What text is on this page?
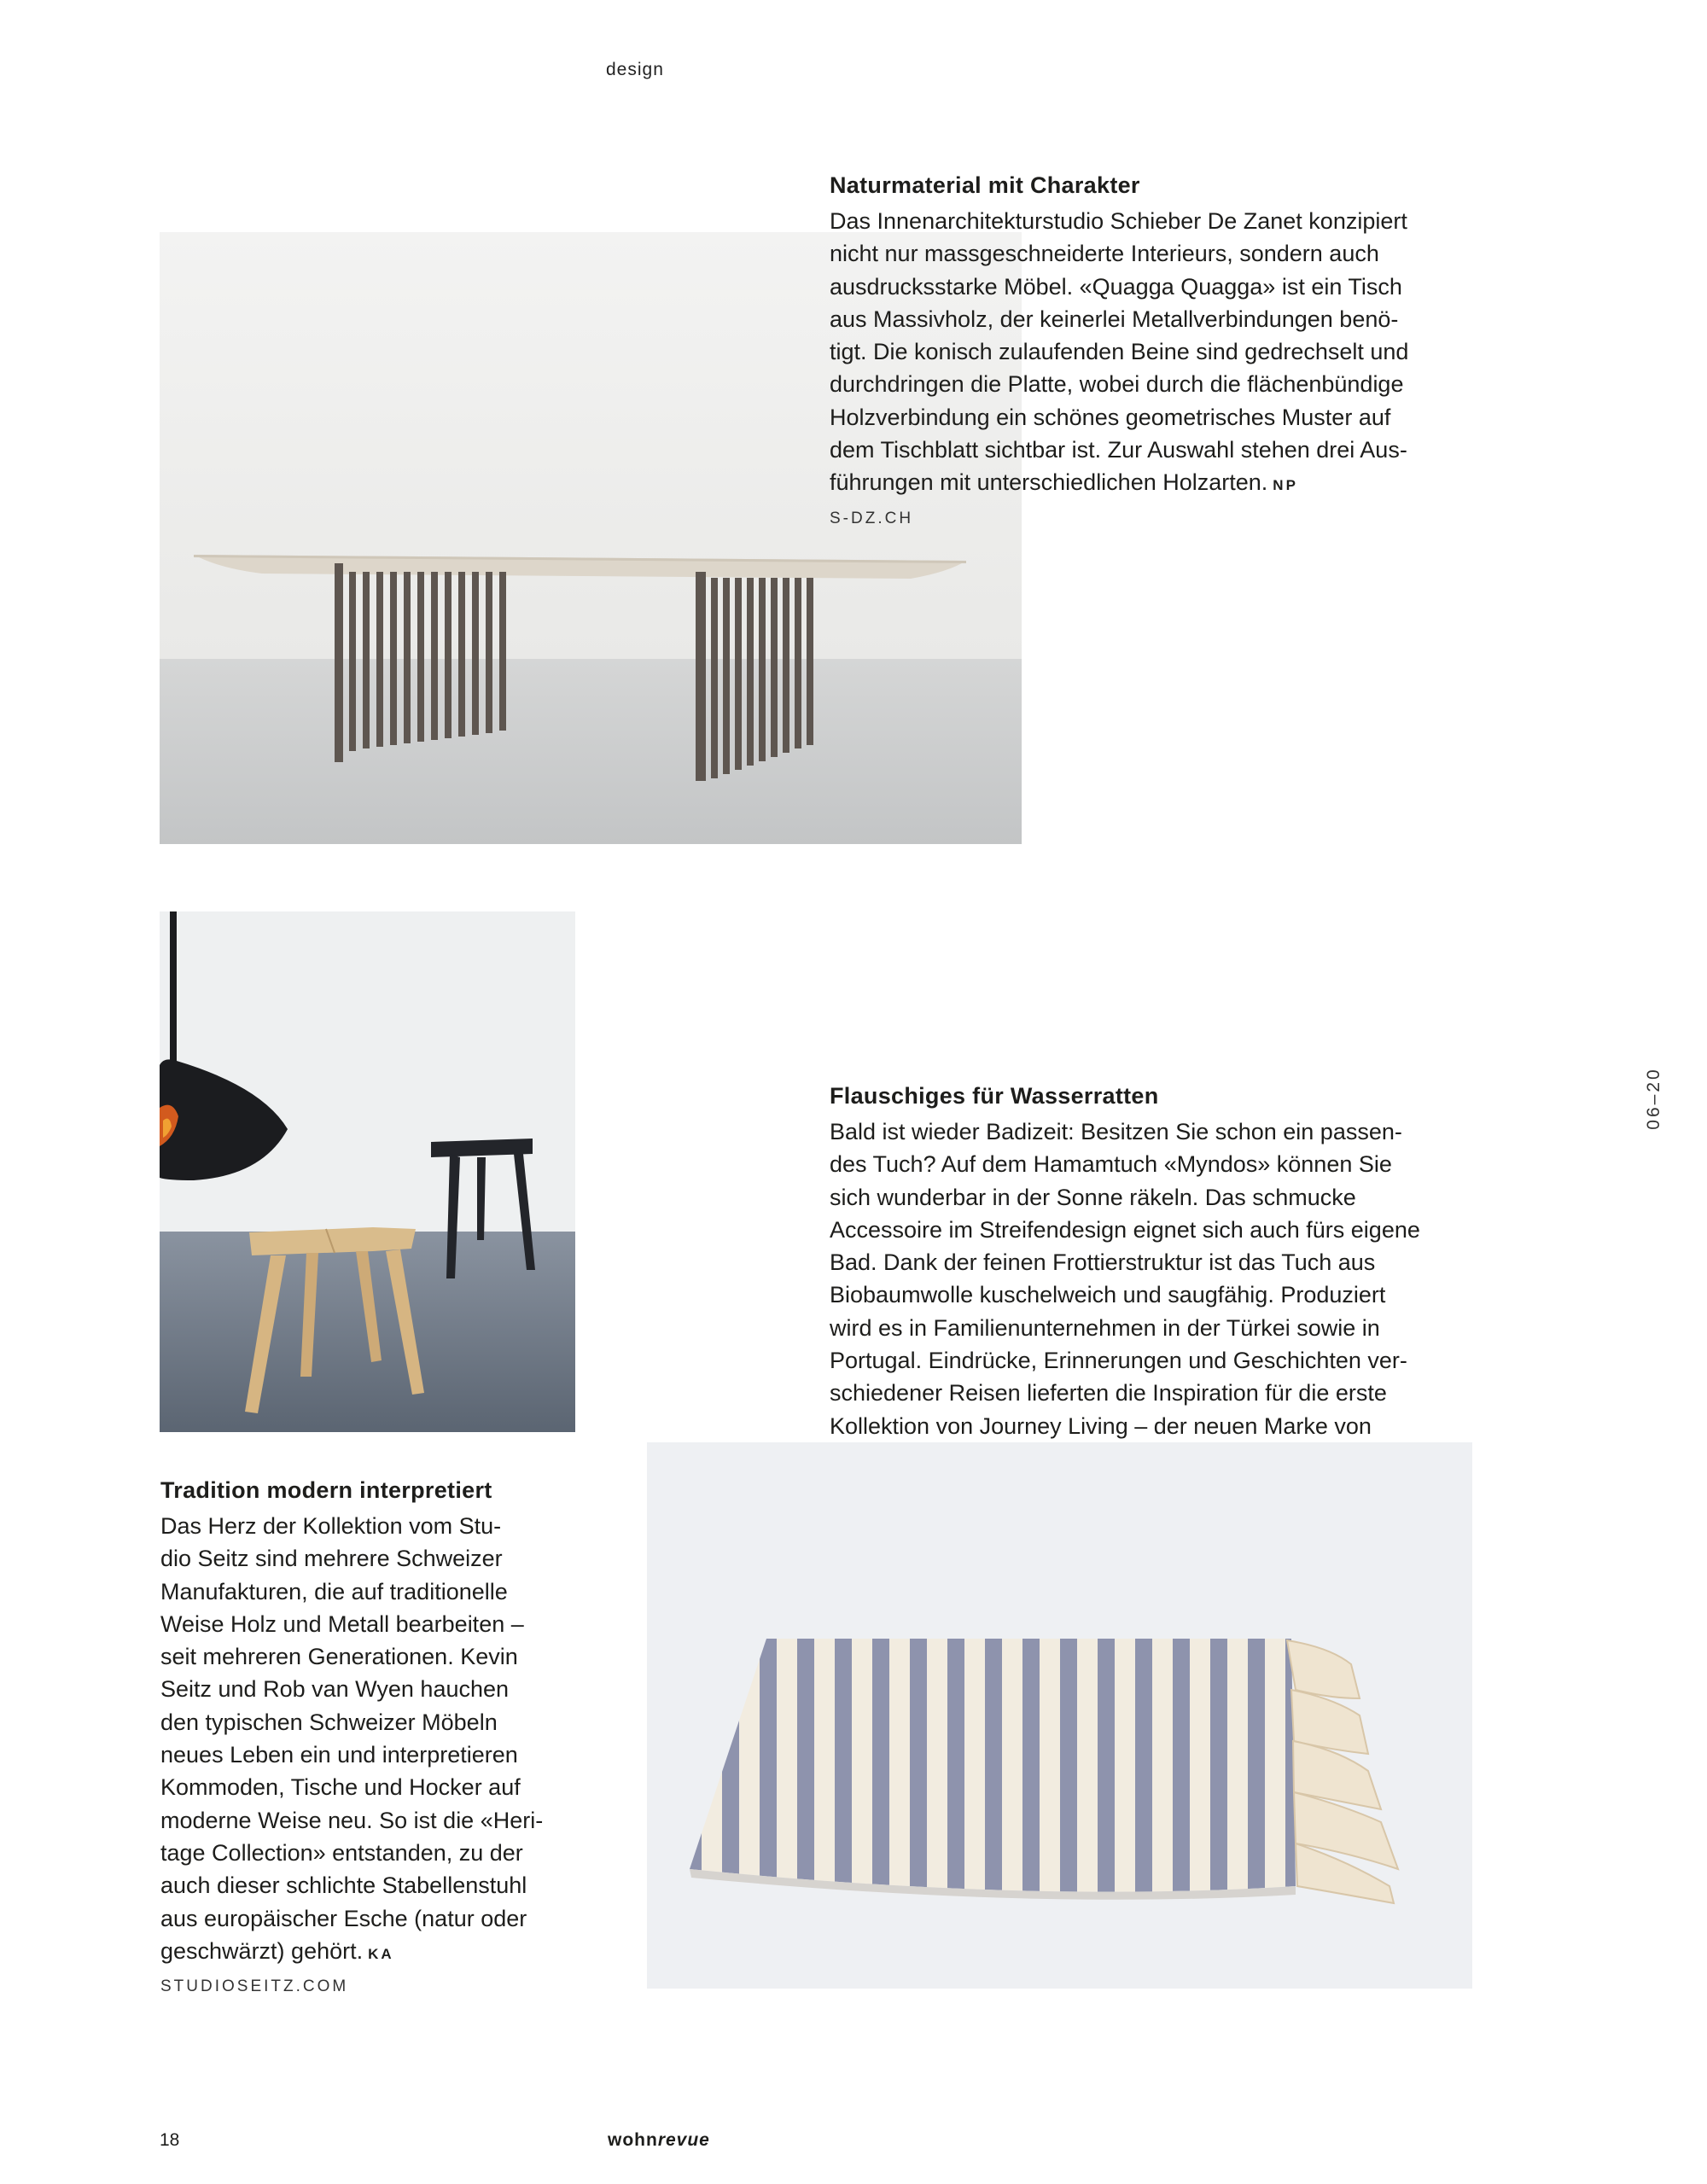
design
06–20
Naturmaterial mit Charakter

Das Innenarchitekturstudio Schieber De Zanet konzipiert
nicht nur massgeschneiderte Interieurs, sondern auch
ausdrucksstarke Möbel. «Quagga Quagga» ist ein Tisch
aus Massivholz, der keinerlei Metallverbindungen benö-
tigt. Die konisch zulaufenden Beine sind gedrechselt und
durchdringen die Platte, wobei durch die flächenbündige
Holzverbindung ein schönes geometrisches Muster auf
dem Tischblatt sichtbar ist. Zur Auswahl stehen drei Aus-
führungen mit unterschiedlichen Holzarten. NP

S-DZ.CH
Flauschiges für Wasserratten

Bald ist wieder Badizeit: Besitzen Sie schon ein passen-
des Tuch? Auf dem Hamamtuch «Myndos» können Sie
sich wunderbar in der Sonne räkeln. Das schmucke
Accessoire im Streifendesign eignet sich auch fürs eigene
Bad. Dank der feinen Frottierstruktur ist das Tuch aus
Biobaumwolle kuschelweich und saugfähig. Produziert
wird es in Familienunternehmen in der Türkei sowie in
Portugal. Eindrücke, Erinnerungen und Geschichten ver-
schiedener Reisen lieferten die Inspiration für die erste
Kollektion von Journey Living – der neuen Marke von

Tradition modern interpretiert

Das Herz der Kollektion vom Stu-
dio Seitz sind mehrere Schweizer
Manufakturen, die auf traditionelle
Weise Holz und Metall bearbeiten –
seit mehreren Generationen. Kevin
Seitz und Rob van Wyen hauchen
den typischen Schweizer Möbeln
neues Leben ein und interpretieren
Kommoden, Tische und Hocker auf
moderne Weise neu. So ist die «Heri-
tage Collection» entstanden, zu der
auch dieser schlichte Stabellenstuhl
aus europäischer Esche (natur oder
geschwärzt) gehört. KA

STUDIOSEITZ.COM
18	wohnrevue
